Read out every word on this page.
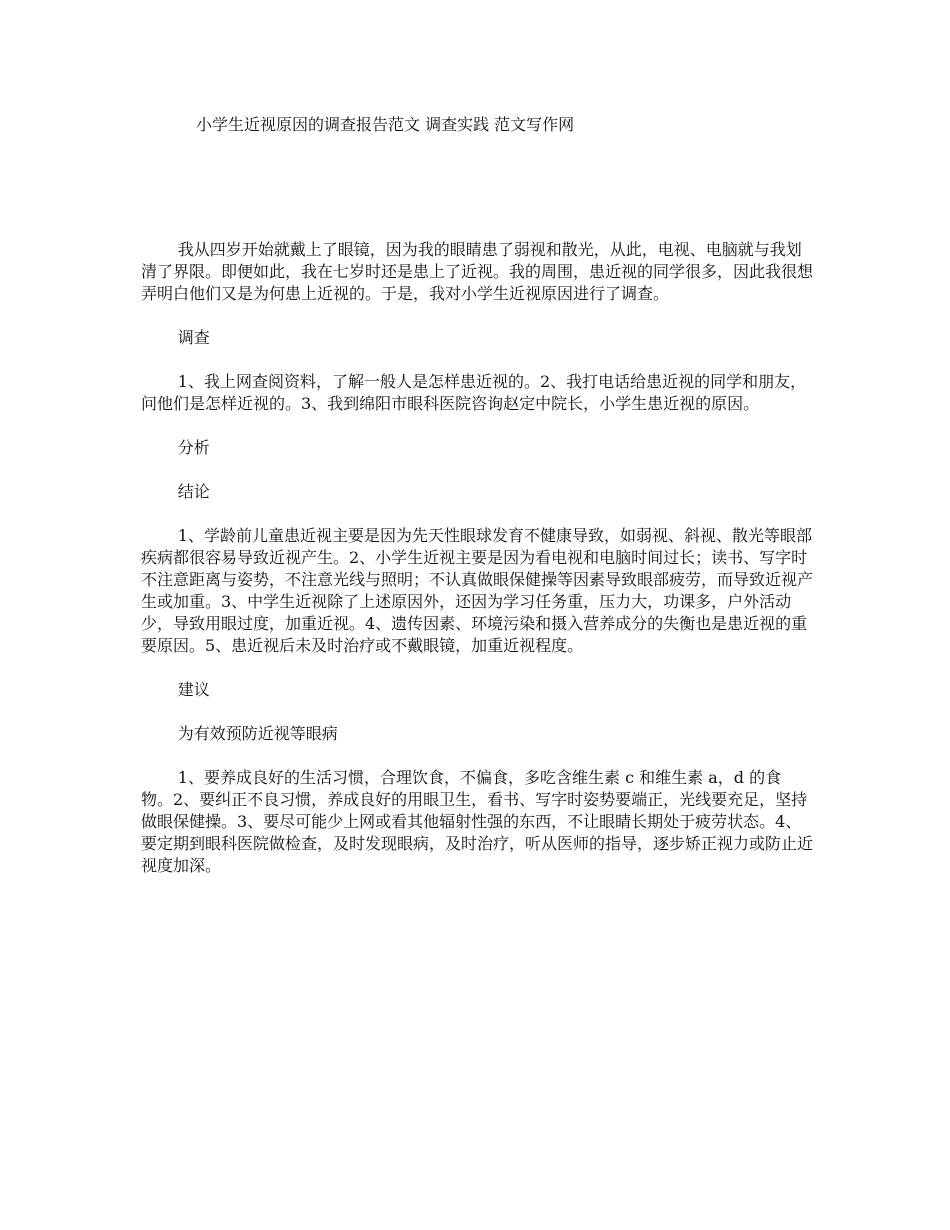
小学生近视原因的调查报告范文 调查实践 范文写作网

我从四岁开始就戴上了眼镜，因为我的眼睛患了弱视和散光，从此，电视、电脑就与我划清了界限。即便如此，我在七岁时还是患上了近视。我的周围，患近视的同学很多，因此我很想弄明白他们又是为何患上近视的。于是，我对小学生近视原因进行了调查。

调查

1、我上网查阅资料，了解一般人是怎样患近视的。2、我打电话给患近视的同学和朋友，问他们是怎样近视的。3、我到绵阳市眼科医院咨询赵定中院长，小学生患近视的原因。

分析

结论

1、学龄前儿童患近视主要是因为先天性眼球发育不健康导致，如弱视、斜视、散光等眼部疾病都很容易导致近视产生。2、小学生近视主要是因为看电视和电脑时间过长；读书、写字时不注意距离与姿势，不注意光线与照明；不认真做眼保健操等因素导致眼部疲劳，而导致近视产生或加重。3、中学生近视除了上述原因外，还因为学习任务重，压力大，功课多，户外活动少，导致用眼过度，加重近视。4、遗传因素、环境污染和摄入营养成分的失衡也是患近视的重要原因。5、患近视后未及时治疗或不戴眼镜，加重近视程度。

建议

为有效预防近视等眼病

1、要养成良好的生活习惯，合理饮食，不偏食，多吃含维生素 c 和维生素 a，d 的食物。2、要纠正不良习惯，养成良好的用眼卫生，看书、写字时姿势要端正，光线要充足，坚持做眼保健操。3、要尽可能少上网或看其他辐射性强的东西，不让眼睛长期处于疲劳状态。4、要定期到眼科医院做检查，及时发现眼病，及时治疗，听从医师的指导，逐步矫正视力或防止近视度加深。
